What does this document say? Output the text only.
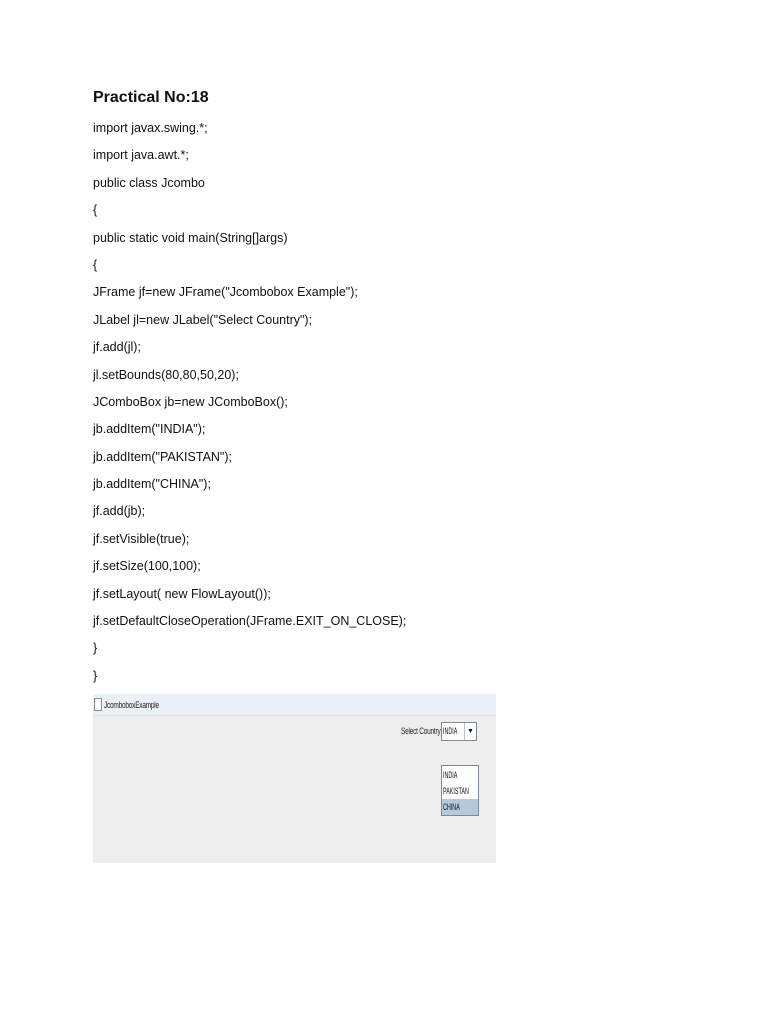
Practical No:18
import javax.swing.*;
import java.awt.*;
public class Jcombo
{
public static void main(String[]args)
{
JFrame jf=new JFrame("Jcombobox Example");
JLabel jl=new JLabel("Select Country");
jf.add(jl);
jl.setBounds(80,80,50,20);
JComboBox jb=new JComboBox();
jb.addItem("INDIA");
jb.addItem("PAKISTAN");
jb.addItem("CHINA");
jf.add(jb);
jf.setVisible(true);
jf.setSize(100,100);
jf.setLayout( new FlowLayout());
jf.setDefaultCloseOperation(JFrame.EXIT_ON_CLOSE);
}
}
JcomboboxExample
Select Country INDIA	▼
INDIA
PAKISTAN
CHINA
